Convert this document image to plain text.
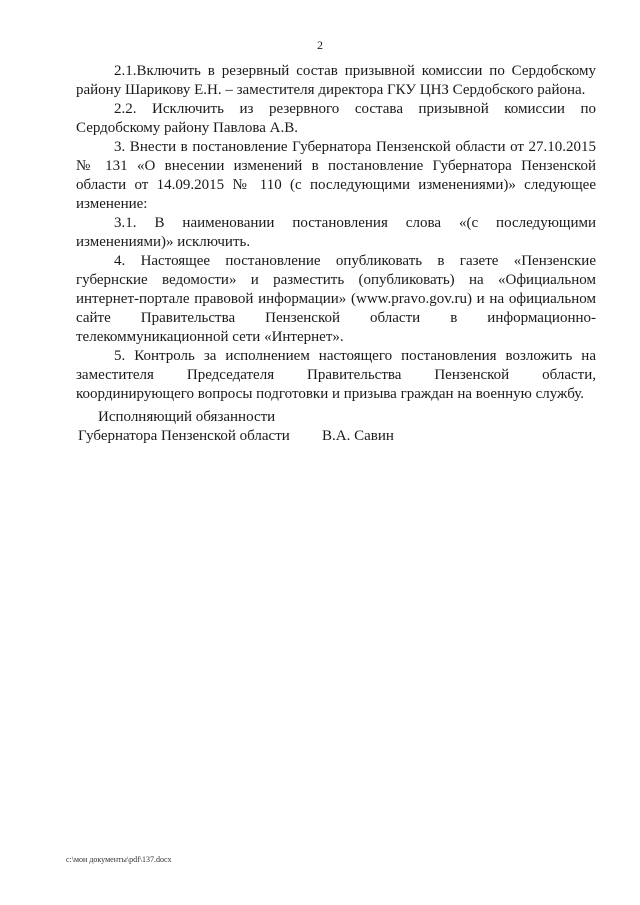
2

2.1.Включить в резервный состав призывной комиссии по Сердобскому району Шарикову Е.Н. – заместителя директора ГКУ ЦНЗ Сердобского района.

2.2. Исключить из резервного состава призывной комиссии по Сердобскому району Павлова А.В.

3. Внести в постановление Губернатора Пензенской области от 27.10.2015 № 131 «О внесении изменений в постановление Губернатора Пензенской области от 14.09.2015 № 110 (с последующими изменениями)» следующее изменение:

3.1. В наименовании постановления слова «(с последующими изменениями)» исключить.

4. Настоящее постановление опубликовать в газете «Пензенские губернские ведомости» и разместить (опубликовать) на «Официальном интернет-портале правовой информации» (www.pravo.gov.ru) и на официальном сайте Правительства Пензенской области в информационно-телекоммуникационной сети «Интернет».

5. Контроль за исполнением настоящего постановления возложить на заместителя Председателя Правительства Пензенской области, координирующего вопросы подготовки и призыва граждан на военную службу.

Исполняющий обязанности
Губернатора Пензенской области В.А. Савин
c:\мои документы\pdf\137.docx
